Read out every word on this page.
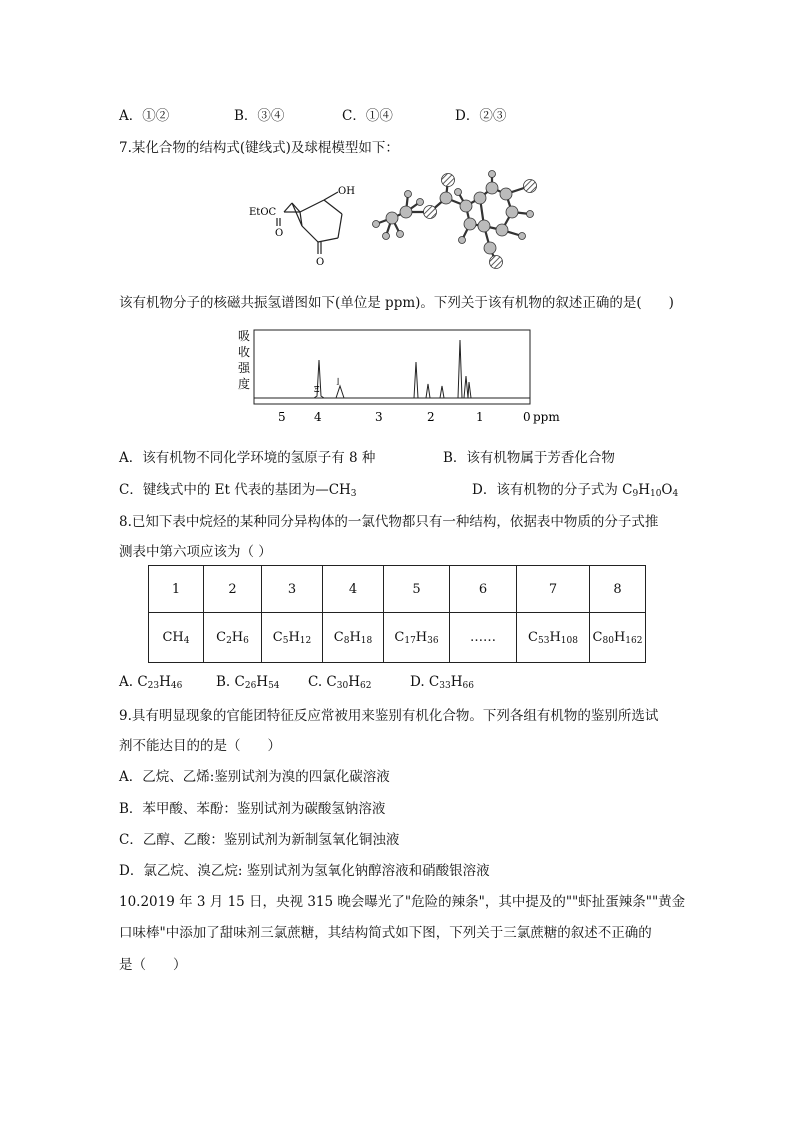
A．①②	B．③④	C．①④	D．②③
7.某化合物的结构式(键线式)及球棍模型如下：
EtOC
O
O
OH
该有机物分子的核磁共振氢谱图如下(单位是 ppm)。下列关于该有机物的叙述正确的是(　　)
吸
收
强
度	Ξ
⌋
5 4	3	2	1	0 ppm
A．该有机物不同化学环境的氢原子有 8 种	B．该有机物属于芳香化合物
C．键线式中的 Et 代表的基团为$—CH_3$	D．该有机物的分子式为 $C_9H_{10}O_4$
8.已知下表中烷烃的某种同分异构体的一氯代物都只有一种结构，依据表中物质的分子式推
测表中第六项应该为（ ）
1	2	3	4	5	6	7	8
$CH_4$	$C_2H_6$	$C_5H_{12}$	$C_8H_{18}$	$C_{17}H_{36}$	……	$C_{53}H_{108}$	$C_{80}H_{162}$
A. $C_{23}H_{46}$ B. $C_{26}H_{54}$ C. $C_{30}H_{62}$	D. $C_{33}H_{66}$
9.具有明显现象的官能团特征反应常被用来鉴别有机化合物。下列各组有机物的鉴别所选试
剂不能达目的的是（　　）
A．乙烷、乙烯:鉴别试剂为溴的四氯化碳溶液
B．苯甲酸、苯酚：鉴别试剂为碳酸氢钠溶液
C．乙醇、乙酸：鉴别试剂为新制氢氧化铜浊液
D．氯乙烷、溴乙烷: 鉴别试剂为氢氧化钠醇溶液和硝酸银溶液
10.2019 年 3 月 15 日，央视 315 晚会曝光了"危险的辣条"，其中提及的""虾扯蛋辣条""黄金
口味棒"中添加了甜味剂三氯蔗糖，其结构简式如下图，下列关于三氯蔗糖的叙述不正确的
是（　　）
